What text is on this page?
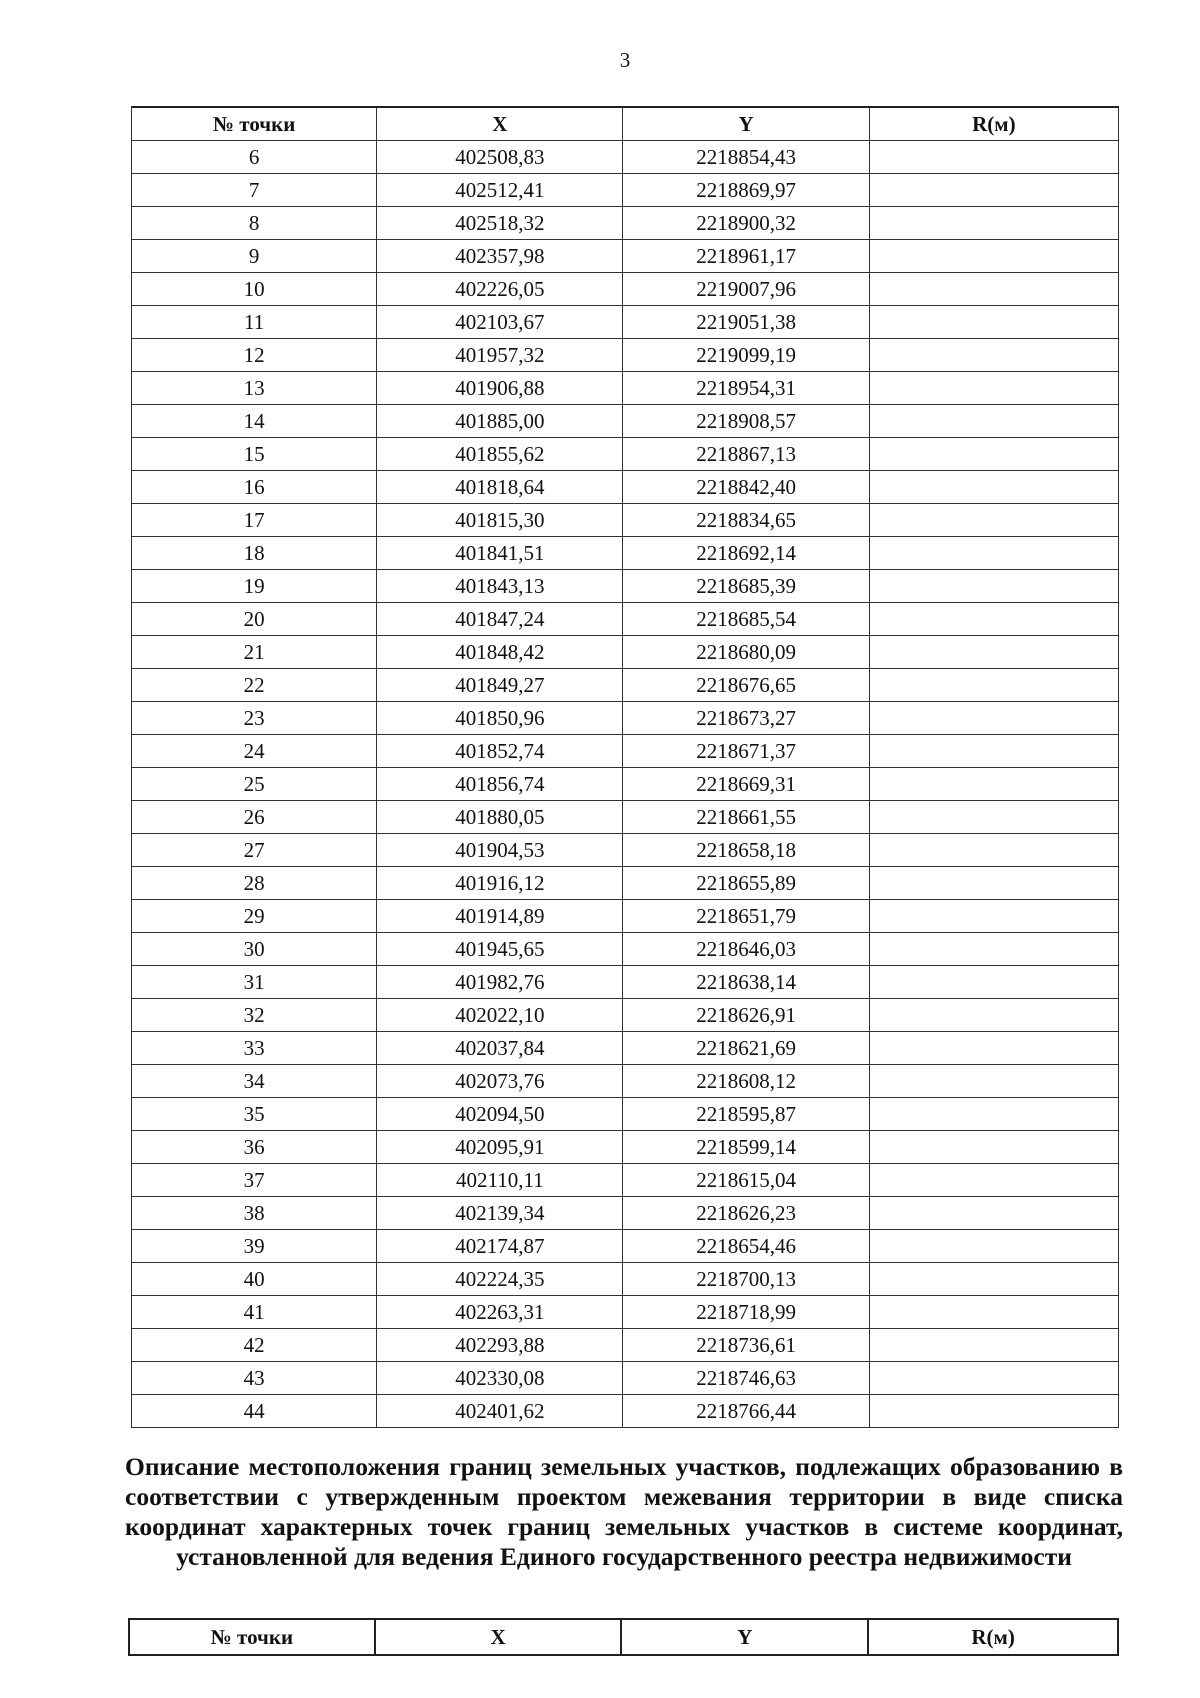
3
№ точки	X	Y	R(м)
6	402508,83	2218854,43	
7	402512,41	2218869,97	
8	402518,32	2218900,32	
9	402357,98	2218961,17	
10	402226,05	2219007,96	
11	402103,67	2219051,38	
12	401957,32	2219099,19	
13	401906,88	2218954,31	
14	401885,00	2218908,57	
15	401855,62	2218867,13	
16	401818,64	2218842,40	
17	401815,30	2218834,65	
18	401841,51	2218692,14	
19	401843,13	2218685,39	
20	401847,24	2218685,54	
21	401848,42	2218680,09	
22	401849,27	2218676,65	
23	401850,96	2218673,27	
24	401852,74	2218671,37	
25	401856,74	2218669,31	
26	401880,05	2218661,55	
27	401904,53	2218658,18	
28	401916,12	2218655,89	
29	401914,89	2218651,79	
30	401945,65	2218646,03	
31	401982,76	2218638,14	
32	402022,10	2218626,91	
33	402037,84	2218621,69	
34	402073,76	2218608,12	
35	402094,50	2218595,87	
36	402095,91	2218599,14	
37	402110,11	2218615,04	
38	402139,34	2218626,23	
39	402174,87	2218654,46	
40	402224,35	2218700,13	
41	402263,31	2218718,99	
42	402293,88	2218736,61	
43	402330,08	2218746,63	
44	402401,62	2218766,44	
Описание местоположения границ земельных участков, подлежащих образованию в соответствии с утвержденным проектом межевания территории в виде списка координат характерных точек границ земельных участков в системе координат, установленной для ведения Единого государственного реестра недвижимости
№ точки	X	Y	R(м)
